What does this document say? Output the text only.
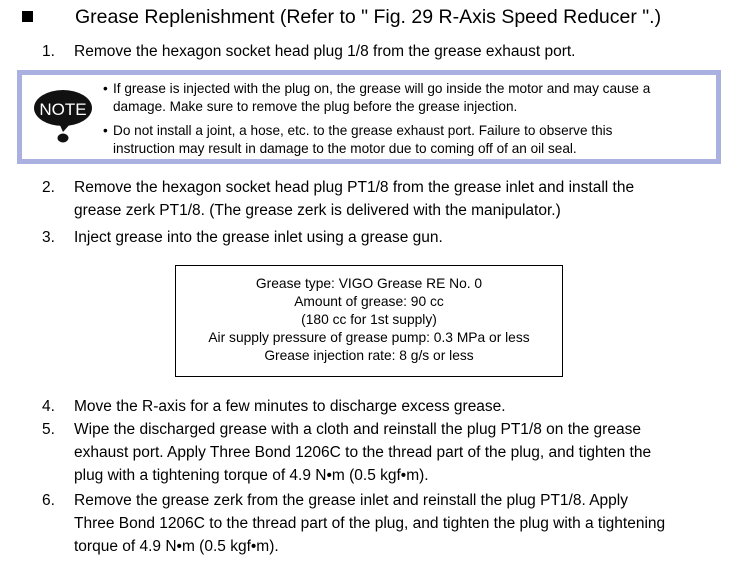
Grease Replenishment (Refer to " Fig. 29 R-Axis Speed Reducer ".)
1. Remove the hexagon socket head plug 1/8 from the grease exhaust port.
NOTE
• If grease is injected with the plug on, the grease will go inside the motor and may cause a
damage. Make sure to remove the plug before the grease injection.
• Do not install a joint, a hose, etc. to the grease exhaust port. Failure to observe this
instruction may result in damage to the motor due to coming off of an oil seal.
2. Remove the hexagon socket head plug PT1/8 from the grease inlet and install the
grease zerk PT1/8. (The grease zerk is delivered with the manipulator.)
3. Inject grease into the grease inlet using a grease gun.
Grease type: VIGO Grease RE No. 0
Amount of grease: 90 cc
(180 cc for 1st supply)
Air supply pressure of grease pump: 0.3 MPa or less
Grease injection rate: 8 g/s or less
4. Move the R-axis for a few minutes to discharge excess grease.
5. Wipe the discharged grease with a cloth and reinstall the plug PT1/8 on the grease
exhaust port. Apply Three Bond 1206C to the thread part of the plug, and tighten the
plug with a tightening torque of 4.9 N•m (0.5 kgf•m).
6. Remove the grease zerk from the grease inlet and reinstall the plug PT1/8. Apply
Three Bond 1206C to the thread part of the plug, and tighten the plug with a tightening
torque of 4.9 N•m (0.5 kgf•m).
